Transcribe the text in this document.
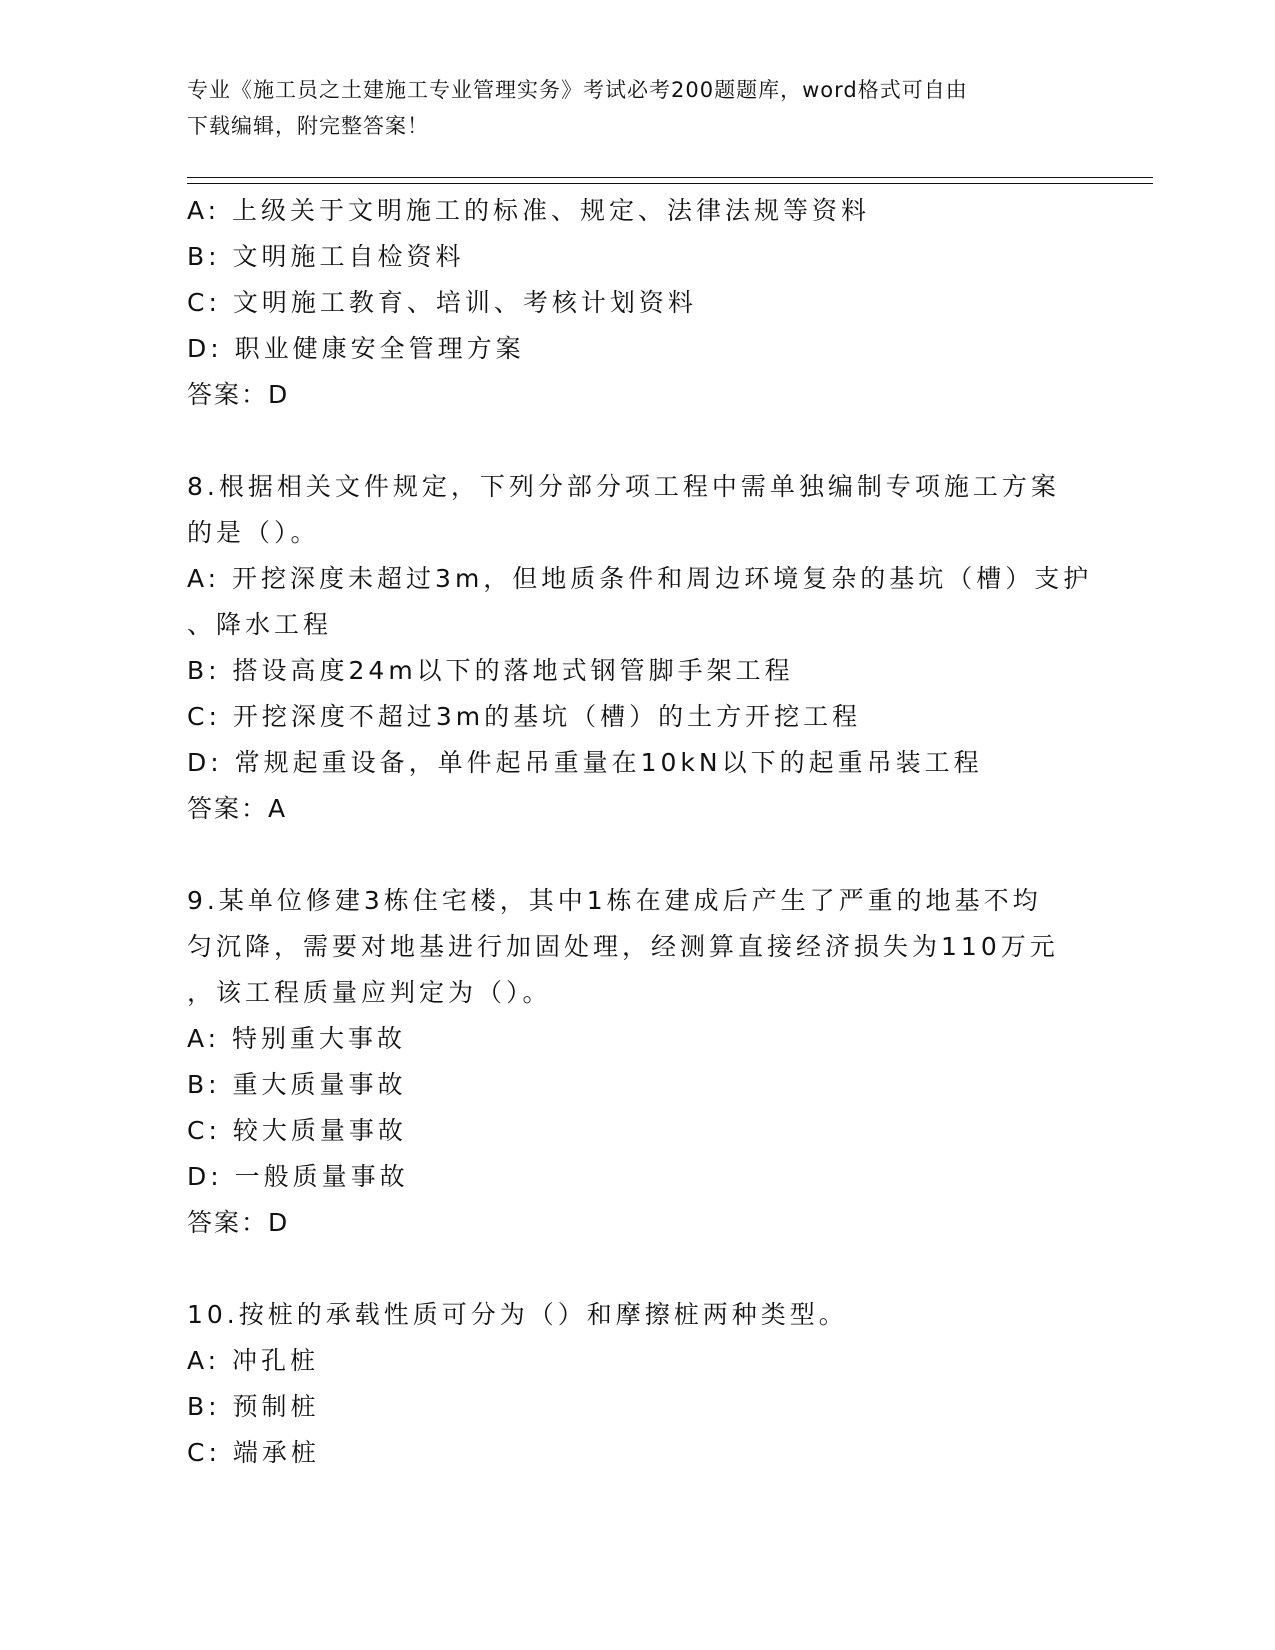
专业《施工员之土建施工专业管理实务》考试必考200题题库，word格式可自由
下载编辑，附完整答案！
A: 上级关于文明施工的标准、规定、法律法规等资料
B: 文明施工自检资料
C: 文明施工教育、培训、考核计划资料
D: 职业健康安全管理方案
答案：D
8.根据相关文件规定，下列分部分项工程中需单独编制专项施工方案
的是（）。
A: 开挖深度未超过3m，但地质条件和周边环境复杂的基坑（槽）支护
、降水工程
B: 搭设高度24m以下的落地式钢管脚手架工程
C: 开挖深度不超过3m的基坑（槽）的土方开挖工程
D: 常规起重设备，单件起吊重量在10kN以下的起重吊装工程
答案：A
9.某单位修建3栋住宅楼，其中1栋在建成后产生了严重的地基不均
匀沉降，需要对地基进行加固处理，经测算直接经济损失为110万元
，该工程质量应判定为（）。
A: 特别重大事故
B: 重大质量事故
C: 较大质量事故
D: 一般质量事故
答案：D
10.按桩的承载性质可分为（）和摩擦桩两种类型。
A: 冲孔桩
B: 预制桩
C: 端承桩
